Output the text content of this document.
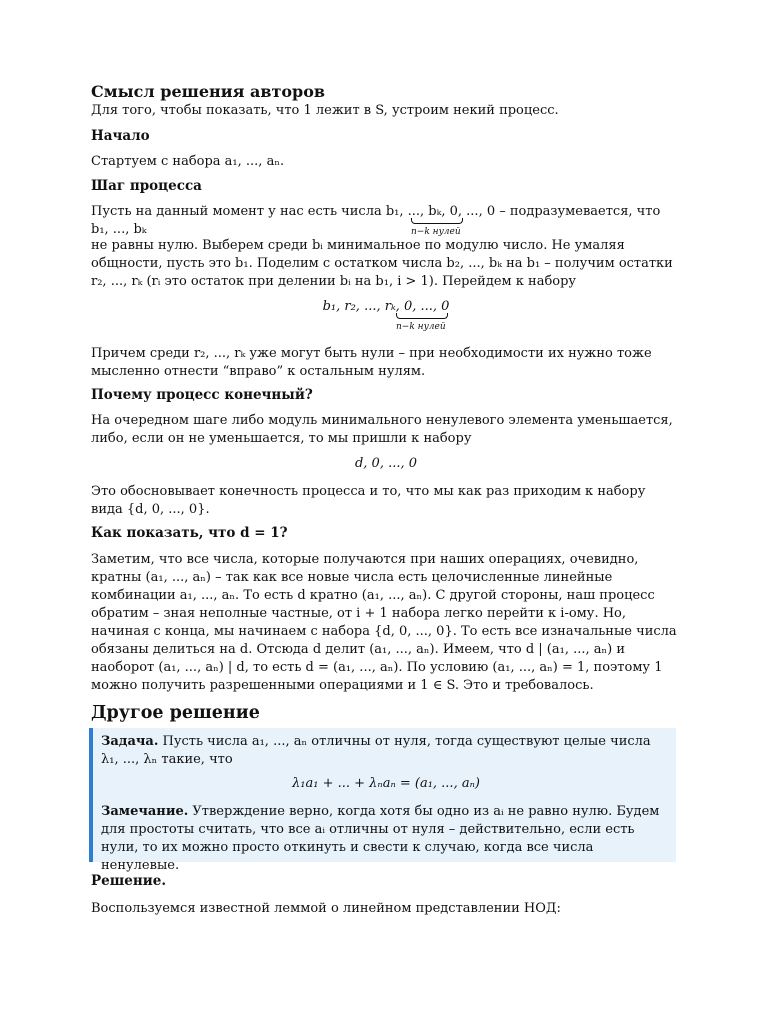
Смысл решения авторов

Для того, чтобы показать, что 1 лежит в S, устроим некий процесс.

Начало

Стартуем с набора a₁, ..., aₙ.

Шаг процесса

Пусть на данный момент у нас есть числа b₁, ..., bₖ, 0, ..., 0 – подразумевается, что b₁, ..., bₖ	n−k нулей

не равны нулю. Выберем среди bᵢ минимальное по модулю число. Не умаляя общности, пусть это b₁. Поделим с остатком числа b₂, ..., bₖ на b₁ – получим остатки r₂, ..., rₖ (rᵢ это остаток при делении bᵢ на b₁, i > 1). Перейдем к набору

b₁, r₂, ..., rₖ, 0, ..., 0
n−k нулей

Причем среди r₂, ..., rₖ уже могут быть нули – при необходимости их нужно тоже мысленно отнести “вправо” к остальным нулям.

Почему процесс конечный?

На очередном шаге либо модуль минимального ненулевого элемента уменьшается, либо, если он не уменьшается, то мы пришли к набору

d, 0, ..., 0

Это обосновывает конечность процесса и то, что мы как раз приходим к набору вида {d, 0, ..., 0}.

Как показать, что d = 1?

Заметим, что все числа, которые получаются при наших операциях, очевидно, кратны (a₁, ..., aₙ) – так как все новые числа есть целочисленные линейные комбинации a₁, ..., aₙ. То есть d кратно (a₁, ..., aₙ). С другой стороны, наш процесс обратим – зная неполные частные, от i + 1 набора легко перейти к i-ому. Но, начиная с конца, мы начинаем с набора {d, 0, ..., 0}. То есть все изначальные числа обязаны делиться на d. Отсюда d делит (a₁, ..., aₙ). Имеем, что d | (a₁, ..., aₙ) и наоборот (a₁, ..., aₙ) | d, то есть d = (a₁, ..., aₙ). По условию (a₁, ..., aₙ) = 1, поэтому 1 можно получить разрешенными операциями и 1 ∈ S. Это и требовалось.

Другое решение

Задача. Пусть числа a₁, ..., aₙ отличны от нуля, тогда существуют целые числа λ₁, ..., λₙ такие, что

λ₁a₁ + ... + λₙaₙ = (a₁, ..., aₙ)

Замечание. Утверждение верно, когда хотя бы одно из aᵢ не равно нулю. Будем для простоты считать, что все aᵢ отличны от нуля – действительно, если есть нули, то их можно просто откинуть и свести к случаю, когда все числа ненулевые.

Решение.

Воспользуемся известной леммой о линейном представлении НОД:
